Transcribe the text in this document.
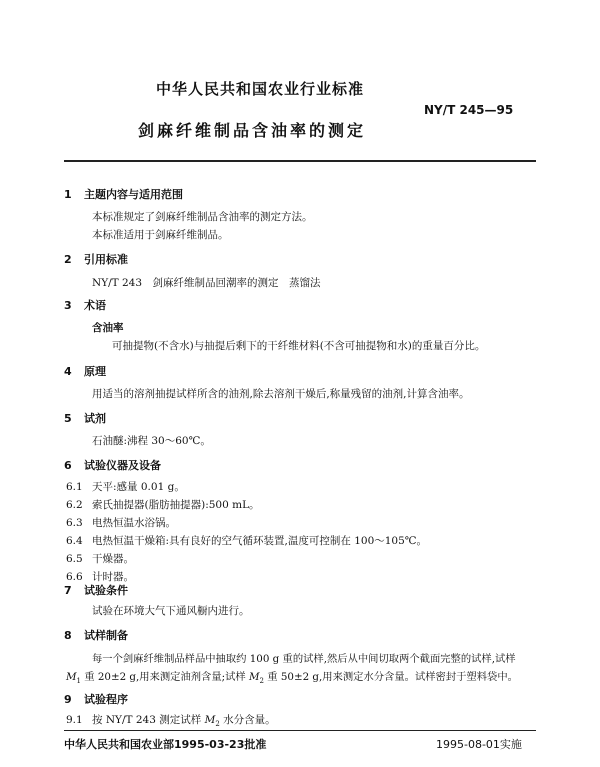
中华人民共和国农业行业标准
NY/T 245—95
剑麻纤维制品含油率的测定
1 主题内容与适用范围
本标准规定了剑麻纤维制品含油率的测定方法。
本标准适用于剑麻纤维制品。
2 引用标准
NY/T 243　剑麻纤维制品回潮率的测定　蒸馏法
3 术语
含油率
可抽提物(不含水)与抽提后剩下的干纤维材料(不含可抽提物和水)的重量百分比。
4 原理
用适当的溶剂抽提试样所含的油剂,除去溶剂干燥后,称量残留的油剂,计算含油率。
5 试剂
石油醚:沸程 30～60℃。
6 试验仪器及设备
6.1 天平:感量 0.01 g。
6.2 索氏抽提器(脂肪抽提器):500 mL。
6.3 电热恒温水浴锅。
6.4 电热恒温干燥箱:具有良好的空气循环装置,温度可控制在 100～105℃。
6.5 干燥器。
6.6 计时器。
7 试验条件
试验在环境大气下通风橱内进行。
8 试样制备
每一个剑麻纤维制品样品中抽取约 100 g 重的试样,然后从中间切取两个截面完整的试样,试样
$M_1$ 重 20±2 g,用来测定油剂含量;试样 $M_2$ 重 50±2 g,用来测定水分含量。试样密封于塑料袋中。
9 试验程序
9.1 按 NY/T 243 测定试样 $M_2$ 水分含量。
中华人民共和国农业部1995-03-23批准	1995-08-01实施
